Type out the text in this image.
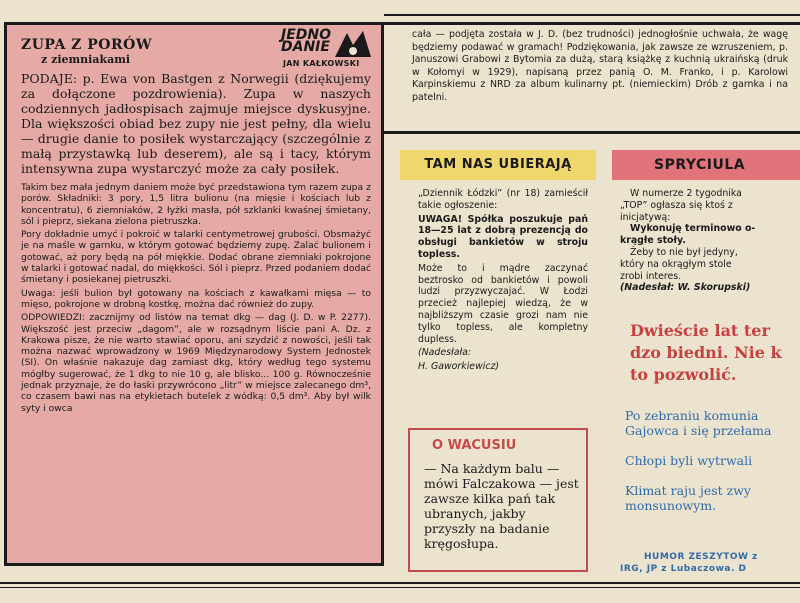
ZUPA Z PORÓW
z ziemniakami
JEDNO DANIE
JAN KAŁKOWSKI

PODAJE: p. Ewa von Bastgen z Norwegii (dziękujemy za dołączone pozdrowienia). Zupa w naszych codziennych jadłospisach zajmuje miejsce dyskusyjne. Dla większości obiad bez zupy nie jest pełny, dla wielu — drugie danie to posiłek wystarczający (szczególnie z małą przystawką lub deserem), ale są i tacy, którym intensywna zupa wystarczyć może za cały posiłek.

Takim bez mała jednym daniem może być przedstawiona tym razem zupa z porów. Składniki: 3 pory, 1,5 litra bulionu (na mięsie i kościach lub z koncentratu), 6 ziemniaków, 2 łyżki masła, pół szklanki kwaśnej śmietany, sól i pieprz, siekana zielona pietruszka.

Pory dokładnie umyć i pokroić w talarki centymetrowej grubości. Obsmażyć je na maśle w garnku, w którym gotować będziemy zupę. Zalać bulionem i gotować, aż pory będą na pół miękkie. Dodać obrane ziemniaki pokrojone w talarki i gotować nadal, do miękkości. Sól i pieprz. Przed podaniem dodać śmietany i posiekanej pietruszki.

Uwaga: jeśli bulion był gotowany na kościach z kawałkami mięsa — to mięso, pokrojone w drobną kostkę, można dać również do zupy.

ODPOWIEDZI: zacznijmy od listów na temat dkg — dag (J. D. w P. 2277). Większość jest przeciw „dagom”, ale w rozsądnym liście pani A. Dz. z Krakowa pisze, że nie warto stawiać oporu, ani szydzić z nowości, jeśli tak można nazwać wprowadzony w 1969 Międzynarodowy System Jednostek (SI). On właśnie nakazuje dag zamiast dkg, który według tego systemu mógłby sugerować, że 1 dkg to nie 10 g, ale blisko... 100 g. Równocześnie jednak przyznaje, że do łaski przywrócono „litr” w miejsce zalecanego dm³, co czasem bawi nas na etykietach butelek z wódką: 0,5 dm³. Aby był wilk syty i owca

cała — podjęta została w J. D. (bez trudności) jednogłośnie uchwała, że wagę będziemy podawać w gramach! Podziękowania, jak zawsze ze wzruszeniem, p. Januszowi Grabowi z Bytomia za dużą, starą książkę z kuchnią ukraińską (druk w Kołomyi w 1929), napisaną przez panią O. M. Franko, i p. Karolowi Karpinskiemu z NRD za album kulinarny pt. (niemieckim) Drób z garnka i na patelni.

TAM NAS UBIERAJĄ

„Dziennik Łódzki” (nr 18) zamieścił takie ogłoszenie:

UWAGA! Spółka poszukuje pań 18—25 lat z dobrą prezencją do obsługi bankietów w stroju topless.

Może to i mądre zaczynać beztrosko od bankietów i powoli ludzi przyzwyczajać. W Łodzi przecież najlepiej wiedzą, że w najbliższym czasie grozi nam nie tylko topless, ale kompletny dupless.

(Nadesłała:

H. Gaworkiewicz)

SPRYCIULA

W numerze 2 tygodnika

„TOP” ogłasza się ktoś z

inicjatywą:

Wykonuję terminowo o-

krągłe stoły.

Żeby to nie był jedyny,

który na okrągłym stole

zrobi interes.

(Nadesłał: W. Skorupski)

Dwieście lat ter

dzo biedni. Nie k

to pozwolić.

O WACUSIU

— Na każdym balu — mówi Falczakowa — jest zawsze kilka pań tak ubranych, jakby przyszły na badanie kręgosłupa.

Po zebraniu komunia

Gajowca i się przełama

Chłopi byli wytrwali

Klimat raju jest zwy

monsunowym.

HUMOR ZESZYTÓW z

IRG, JP z Lubaczowa. D
